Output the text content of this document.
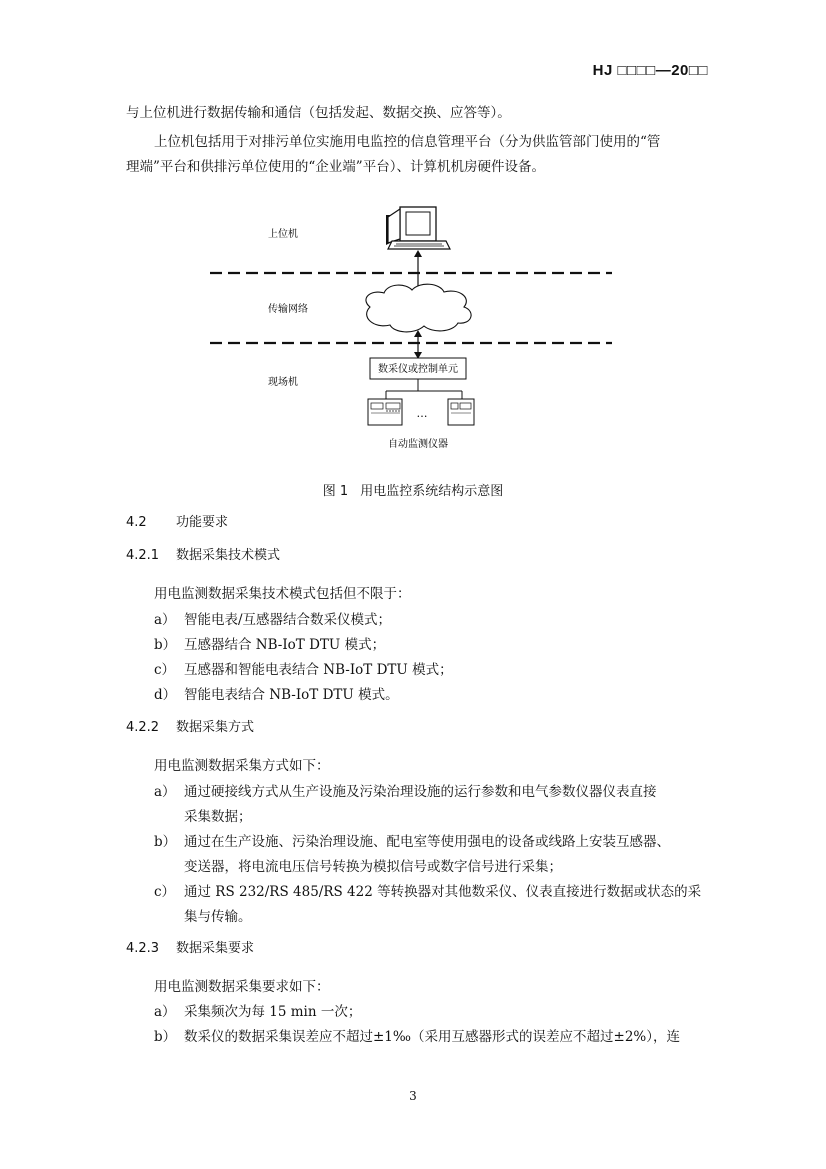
HJ □□□□—20□□
与上位机进行数据传输和通信（包括发起、数据交换、应答等）。
上位机包括用于对排污单位实施用电监控的信息管理平台（分为供监管部门使用的“管
理端”平台和供排污单位使用的“企业端”平台）、计算机机房硬件设备。
上位机
传输网络
数采仪或控制单元
现场机
…
自动监测仪器
图 1 用电监控系统结构示意图
4.2 功能要求
4.2.1 数据采集技术模式
用电监测数据采集技术模式包括但不限于：
a） 智能电表/互感器结合数采仪模式；
b） 互感器结合 NB-IoT DTU 模式；
c） 互感器和智能电表结合 NB-IoT DTU 模式；
d） 智能电表结合 NB-IoT DTU 模式。
4.2.2 数据采集方式
用电监测数据采集方式如下：
a） 通过硬接线方式从生产设施及污染治理设施的运行参数和电气参数仪器仪表直接
采集数据；
b） 通过在生产设施、污染治理设施、配电室等使用强电的设备或线路上安装互感器、
变送器，将电流电压信号转换为模拟信号或数字信号进行采集；
c） 通过 RS 232/RS 485/RS 422 等转换器对其他数采仪、仪表直接进行数据或状态的采
集与传输。
4.2.3 数据采集要求
用电监测数据采集要求如下：
a） 采集频次为每 15 min 一次；
b） 数采仪的数据采集误差应不超过±1‰（采用互感器形式的误差应不超过±2%），连
3
